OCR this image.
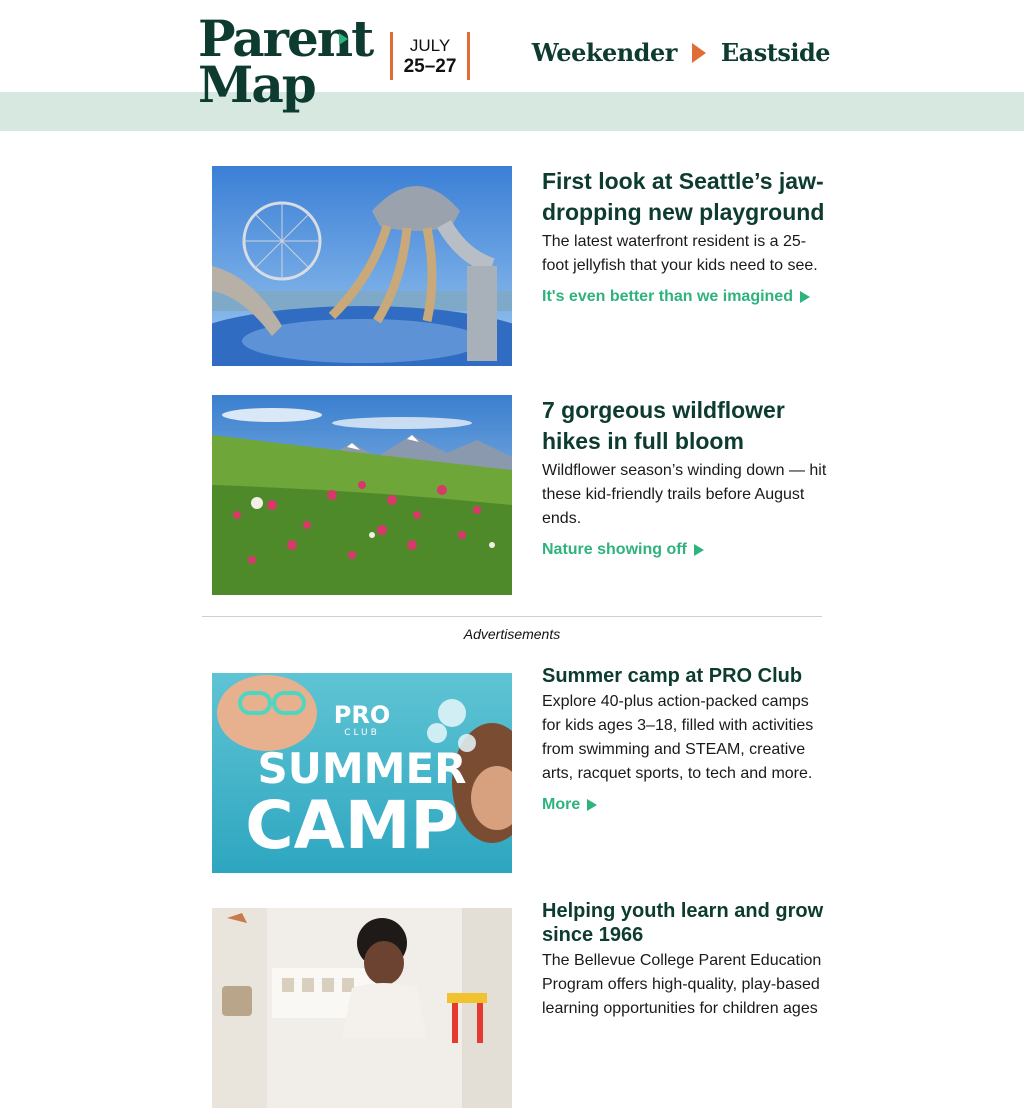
Parent
Map
JULY
25–27	Weekender Eastside
First look at Seattle’s jaw-dropping new playground

The latest waterfront resident is a 25-foot jellyfish that your kids need to see.

It's even better than we imagined
7 gorgeous wildflower hikes in full bloom

Wildflower season’s winding down — hit these kid-friendly trails before August ends.

Nature showing off
Advertisements
PRO
CLUB
SUMMER
CAMP
Summer camp at PRO Club

Explore 40-plus action-packed camps for kids ages 3–18, filled with activities from swimming and STEAM, creative arts, racquet sports, to tech and more.

More
Helping youth learn and grow since 1966

The Bellevue College Parent Education Program offers high-quality, play-based learning opportunities for children ages
